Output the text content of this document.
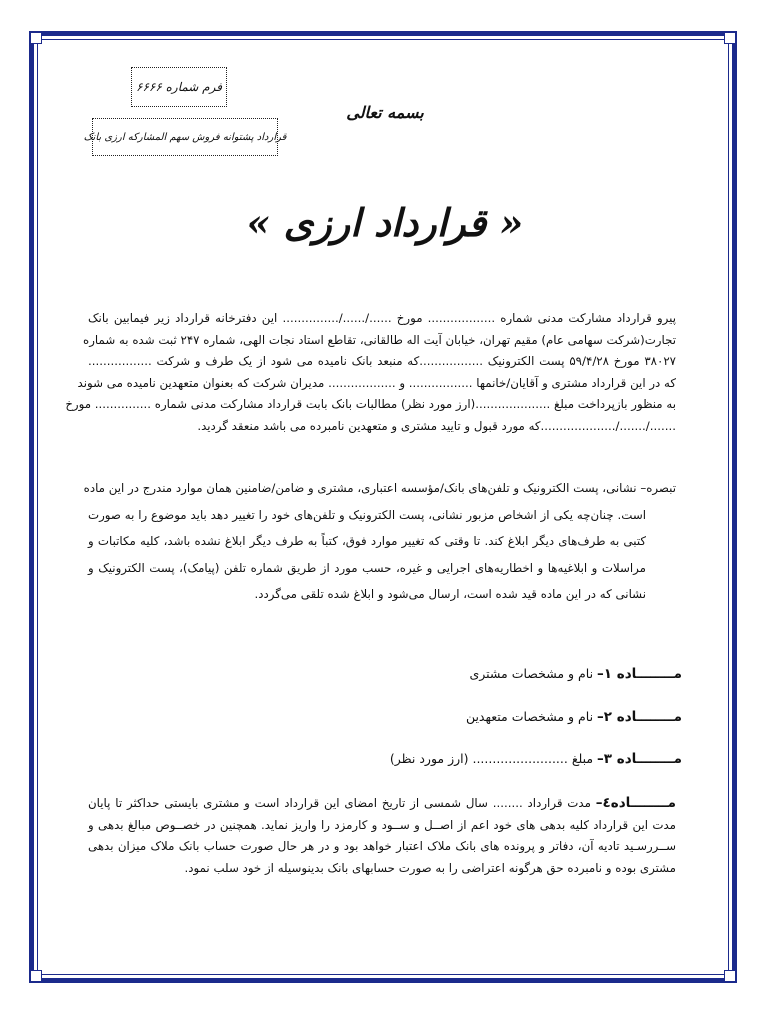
فرم شماره ۶۶۶۶
قرارداد پشتوانه فروش سهم المشارکه ارزی بانک
بسمه تعالی
« قرارداد ارزی »
پیرو قرارداد مشارکت مدنی شماره .................. مورخ ....../....../............... این دفترخانه قرارداد زیر فیمابین بانک
تجارت(شرکت سهامی عام) مقیم تهران، خیابان آیت اله طالقانی، تقاطع استاد نجات الهی، شماره ۲۴۷ ثبت شده به شماره
۳۸۰۲۷ مورخ ۵۹/۴/۲۸ پست الکترونیک .................که منبعد بانک نامیده می شود از یک طرف و شرکت .................
که در این قرارداد مشتری و آقایان/خانمها ................. و .................. مدیران شرکت که بعنوان متعهدین نامیده می شوند
به منظور بازپرداخت مبلغ ....................(ارز مورد نظر) مطالبات بانک بابت قرارداد مشارکت مدنی شماره ............... مورخ
......./......./....................که مورد قبول و تایید مشتری و متعهدین نامبرده می باشد منعقد گردید.
تبصره– نشانی، پست الکترونیک و تلفن‌های بانک/مؤسسه اعتباری، مشتری و ضامن/ضامنین همان موارد مندرج در این ماده
است. چنان‌چه یکی از اشخاص مزبور نشانی، پست الکترونیک و تلفن‌های خود را تغییر دهد باید موضوع را به صورت
کتبی به طرف‌های دیگر ابلاغ کند. تا وقتی که تغییر موارد فوق، کتباً به طرف دیگر ابلاغ نشده باشد، کلیه مکاتبات و
مراسلات و ابلاغیه‌ها و اخطاریه‌های اجرایی و غیره، حسب مورد از طریق شماره تلفن (پیامک)، پست الکترونیک و
نشانی که در این ماده قید شده است، ارسال می‌شود و ابلاغ شده تلقی می‌گردد.
مــــــــاده ۱– نام و مشخصات مشتری
مــــــــاده ۲– نام و مشخصات متعهدین
مــــــــاده ۳– مبلغ ........................ (ارز مورد نظر)
مــــــــاده٤– مدت قرارداد ........ سال شمسی از تاریخ امضای این قرارداد است و مشتری بایستی حداکثر تا پایان
مدت این قرارداد کلیه بدهی های خود اعم از اصــل و ســود و کارمزد را واریز نماید. همچنین در خصــوص مبالغ بدهی و
ســررسـید تادیه آن، دفاتر و پرونده های بانک ملاک اعتبار خواهد بود و در هر حال صورت حساب بانک ملاک میزان بدهی
مشتری بوده و نامبرده حق هرگونه اعتراضی را به صورت حسابهای بانک بدینوسیله از خود سلب نمود.
